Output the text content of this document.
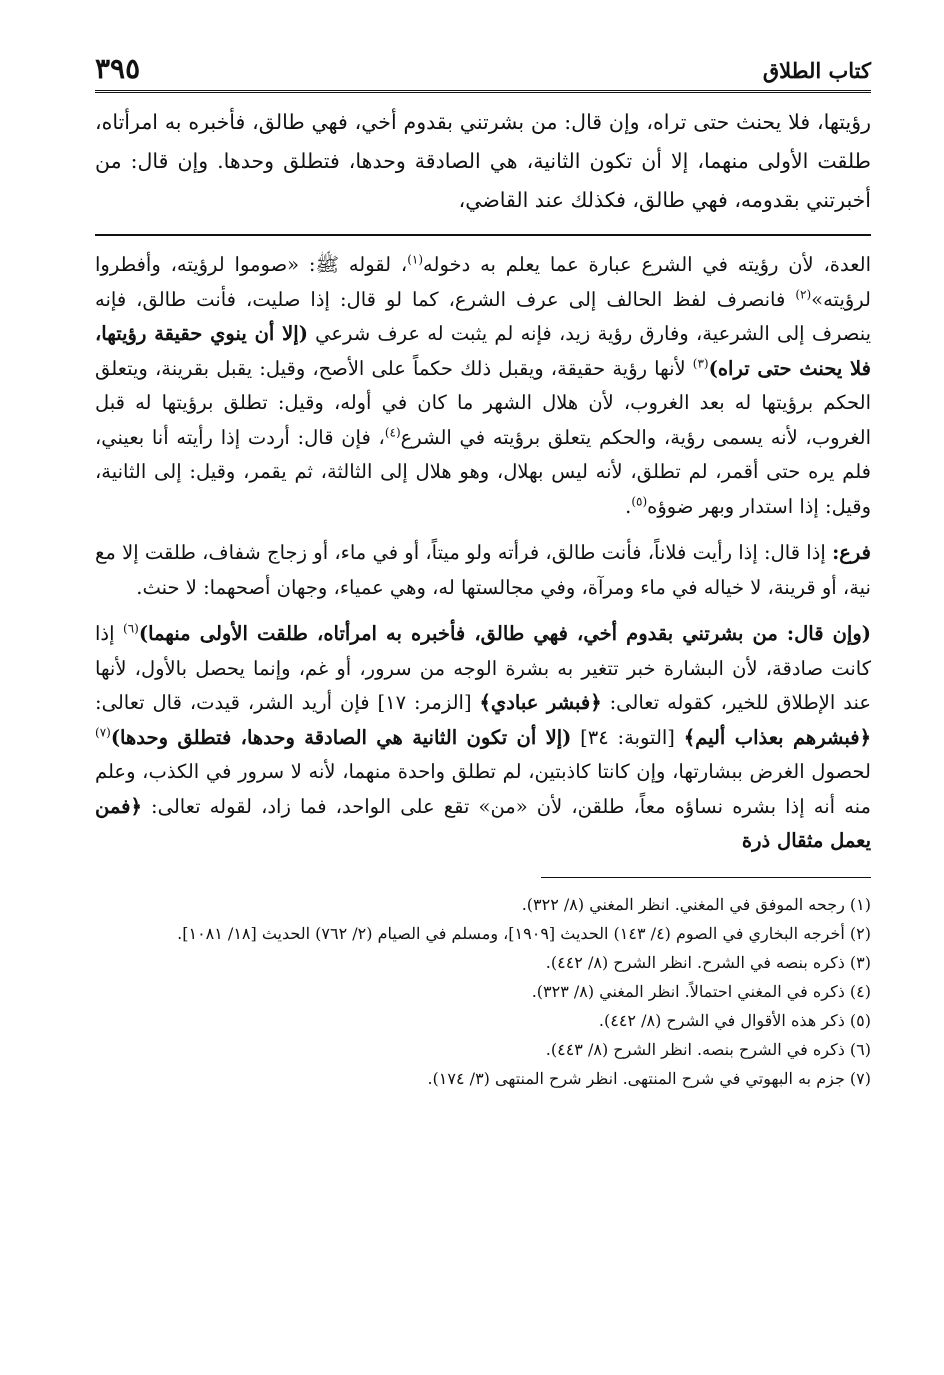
كتاب الطلاق
٣٩٥

رؤيتها، فلا يحنث حتى تراه، وإن قال: من بشرتني بقدوم أخي، فهي طالق، فأخبره به امرأتاه، طلقت الأولى منهما، إلا أن تكون الثانية، هي الصادقة وحدها، فتطلق وحدها. وإن قال: من أخبرتني بقدومه، فهي طالق، فكذلك عند القاضي،

العدة، لأن رؤيته في الشرع عبارة عما يعلم به دخوله$^{(١)}$، لقوله ﷺ: «صوموا لرؤيته، وأفطروا لرؤيته»$^{(٢)}$ فانصرف لفظ الحالف إلى عرف الشرع، كما لو قال: إذا صليت، فأنت طالق، فإنه ينصرف إلى الشرعية، وفارق رؤية زيد، فإنه لم يثبت له عرف شرعي (إلا أن ينوي حقيقة رؤيتها، فلا يحنث حتى تراه)$^{(٣)}$ لأنها رؤية حقيقة، ويقبل ذلك حكماً على الأصح، وقيل: يقبل بقرينة، ويتعلق الحكم برؤيتها له بعد الغروب، لأن هلال الشهر ما كان في أوله، وقيل: تطلق برؤيتها له قبل الغروب، لأنه يسمى رؤية، والحكم يتعلق برؤيته في الشرع$^{(٤)}$، فإن قال: أردت إذا رأيته أنا بعيني، فلم يره حتى أقمر، لم تطلق، لأنه ليس بهلال، وهو هلال إلى الثالثة، ثم يقمر، وقيل: إلى الثانية، وقيل: إذا استدار وبهر ضوؤه$^{(٥)}$.

فرع: إذا قال: إذا رأيت فلاناً، فأنت طالق، فرأته ولو ميتاً، أو في ماء، أو زجاج شفاف، طلقت إلا مع نية، أو قرينة، لا خياله في ماء ومرآة، وفي مجالستها له، وهي عمياء، وجهان أصحهما: لا حنث.

(وإن قال: من بشرتني بقدوم أخي، فهي طالق، فأخبره به امرأتاه، طلقت الأولى منهما)$^{(٦)}$ إذا كانت صادقة، لأن البشارة خبر تتغير به بشرة الوجه من سرور، أو غم، وإنما يحصل بالأول، لأنها عند الإطلاق للخير، كقوله تعالى: ﴿فبشر عبادي﴾ [الزمر: ١٧] فإن أريد الشر، قيدت، قال تعالى: ﴿فبشرهم بعذاب أليم﴾ [التوبة: ٣٤] (إلا أن تكون الثانية هي الصادقة وحدها، فتطلق وحدها)$^{(٧)}$ لحصول الغرض ببشارتها، وإن كانتا كاذبتين، لم تطلق واحدة منهما، لأنه لا سرور في الكذب، وعلم منه أنه إذا بشره نساؤه معاً، طلقن، لأن «من» تقع على الواحد، فما زاد، لقوله تعالى: ﴿فمن يعمل مثقال ذرة

(١) رجحه الموفق في المغني. انظر المغني (٨/ ٣٢٢).
(٢) أخرجه البخاري في الصوم (٤/ ١٤٣) الحديث [١٩٠٩]، ومسلم في الصيام (٢/ ٧٦٢) الحديث [١٨/ ١٠٨١].
(٣) ذكره بنصه في الشرح. انظر الشرح (٨/ ٤٤٢).
(٤) ذكره في المغني احتمالاً. انظر المغني (٨/ ٣٢٣).
(٥) ذكر هذه الأقوال في الشرح (٨/ ٤٤٢).
(٦) ذكره في الشرح بنصه. انظر الشرح (٨/ ٤٤٣).
(٧) جزم به البهوتي في شرح المنتهى. انظر شرح المنتهى (٣/ ١٧٤).
